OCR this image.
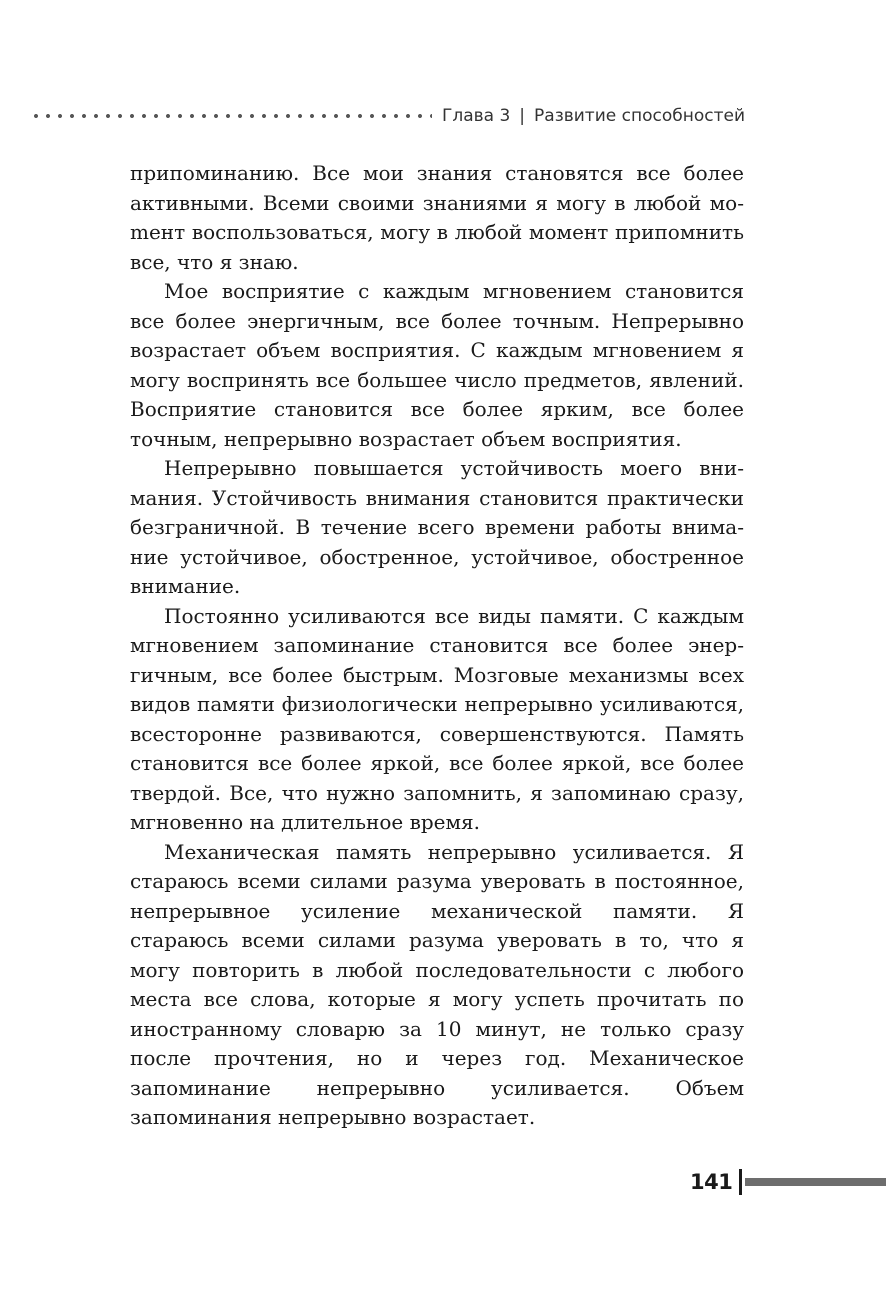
Глава 3 | Развитие способностей

припоминанию. Все мои знания становятся все более активными. Всеми своими знаниями я могу в любой моmент воспользоваться, могу в любой момент припомнить все, что я знаю.

Мое восприятие с каждым мгновением становится все более энергичным, все более точным. Непрерывно возрастает объем восприятия. С каждым мгновением я могу воспринять все большее число предметов, явлений. Восприятие становится все более ярким, все более точным, непрерывно возрастает объем восприятия.

Непрерывно повышается устойчивость моего внимания. Устойчивость внимания становится практически безграничной. В течение всего времени работы внимание устойчивое, обостренное, устойчивое, обостренное внимание.

Постоянно усиливаются все виды памяти. С каждым мгновением запоминание становится все более энергичным, все более быстрым. Мозговые механизмы всех видов памяти физиологически непрерывно усиливаются, всесторонне развиваются, совершенствуются. Память становится все более яркой, все более яркой, все более твердой. Все, что нужно запомнить, я запоминаю сразу, мгновенно на длительное время.

Механическая память непрерывно усиливается. Я стараюсь всеми силами разума уверовать в постоянное, непрерывное усиление механической памяти. Я стараюсь всеми силами разума уверовать в то, что я могу повторить в любой последовательности с любого места все слова, которые я могу успеть прочитать по иностранному словарю за 10 минут, не только сразу после прочтения, но и через год. Механическое запоминание непрерывно усиливается. Объем запоминания непрерывно возрастает.

141
